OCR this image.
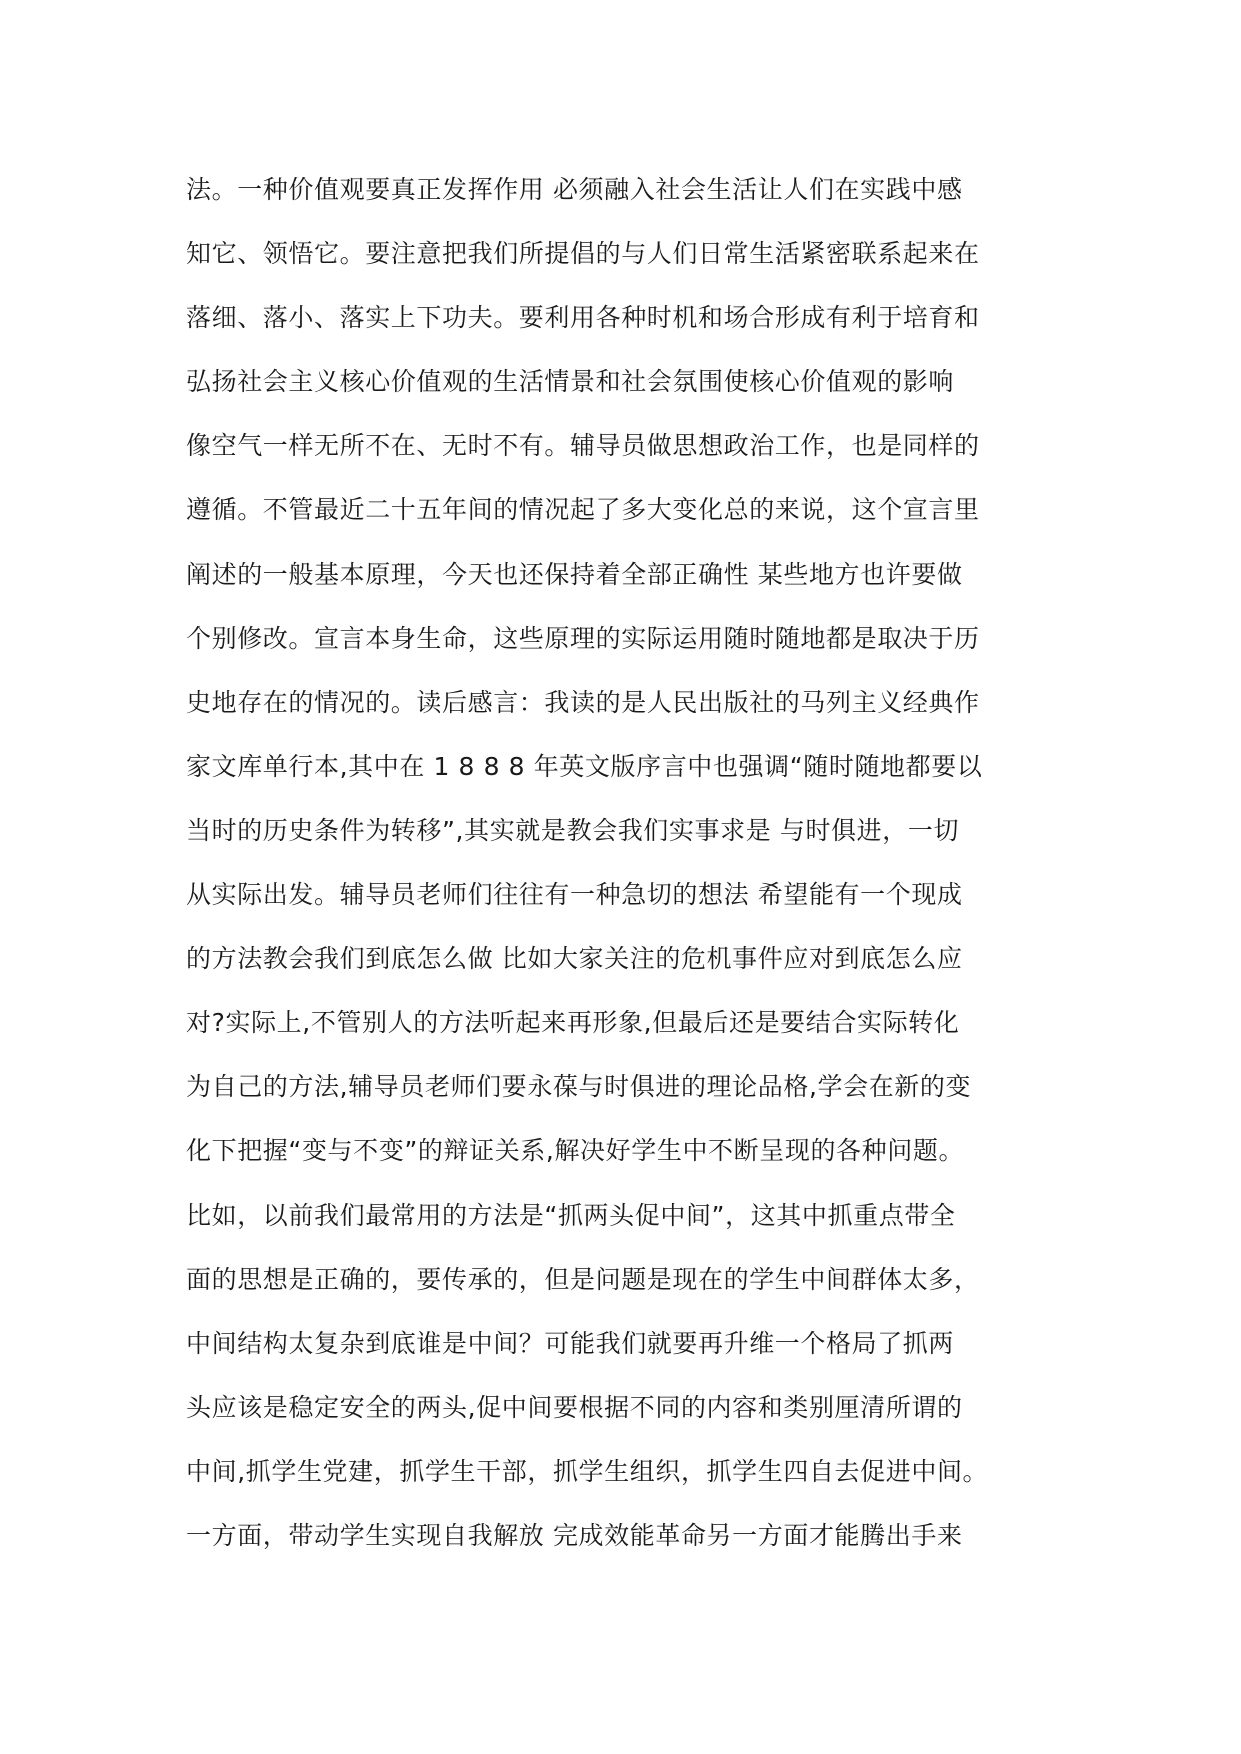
法。一种价值观要真正发挥作用 必须融入社会生活让人们在实践中感
知它、领悟它。要注意把我们所提倡的与人们日常生活紧密联系起来在
落细、落小、落实上下功夫。要利用各种时机和场合形成有利于培育和
弘扬社会主义核心价值观的生活情景和社会氛围使核心价值观的影响
像空气一样无所不在、无时不有。辅导员做思想政治工作，也是同样的
遵循。不管最近二十五年间的情况起了多大变化总的来说，这个宣言里
阐述的一般基本原理，今天也还保持着全部正确性 某些地方也许要做
个别修改。宣言本身生命，这些原理的实际运用随时随地都是取决于历
史地存在的情况的。读后感言：我读的是人民出版社的马列主义经典作
家文库单行本,其中在 1 8 8 8 年英文版序言中也强调“随时随地都要以
当时的历史条件为转移”,其实就是教会我们实事求是 与时俱进，一切
从实际出发。辅导员老师们往往有一种急切的想法 希望能有一个现成
的方法教会我们到底怎么做 比如大家关注的危机事件应对到底怎么应
对?实际上,不管别人的方法听起来再形象,但最后还是要结合实际转化
为自己的方法,辅导员老师们要永葆与时俱进的理论品格,学会在新的变
化下把握“变与不变”的辩证关系,解决好学生中不断呈现的各种问题。
比如，以前我们最常用的方法是“抓两头促中间”，这其中抓重点带全
面的思想是正确的，要传承的，但是问题是现在的学生中间群体太多，
中间结构太复杂到底谁是中间？可能我们就要再升维一个格局了抓两
头应该是稳定安全的两头,促中间要根据不同的内容和类别厘清所谓的
中间,抓学生党建，抓学生干部，抓学生组织，抓学生四自去促进中间。
一方面，带动学生实现自我解放 完成效能革命另一方面才能腾出手来
